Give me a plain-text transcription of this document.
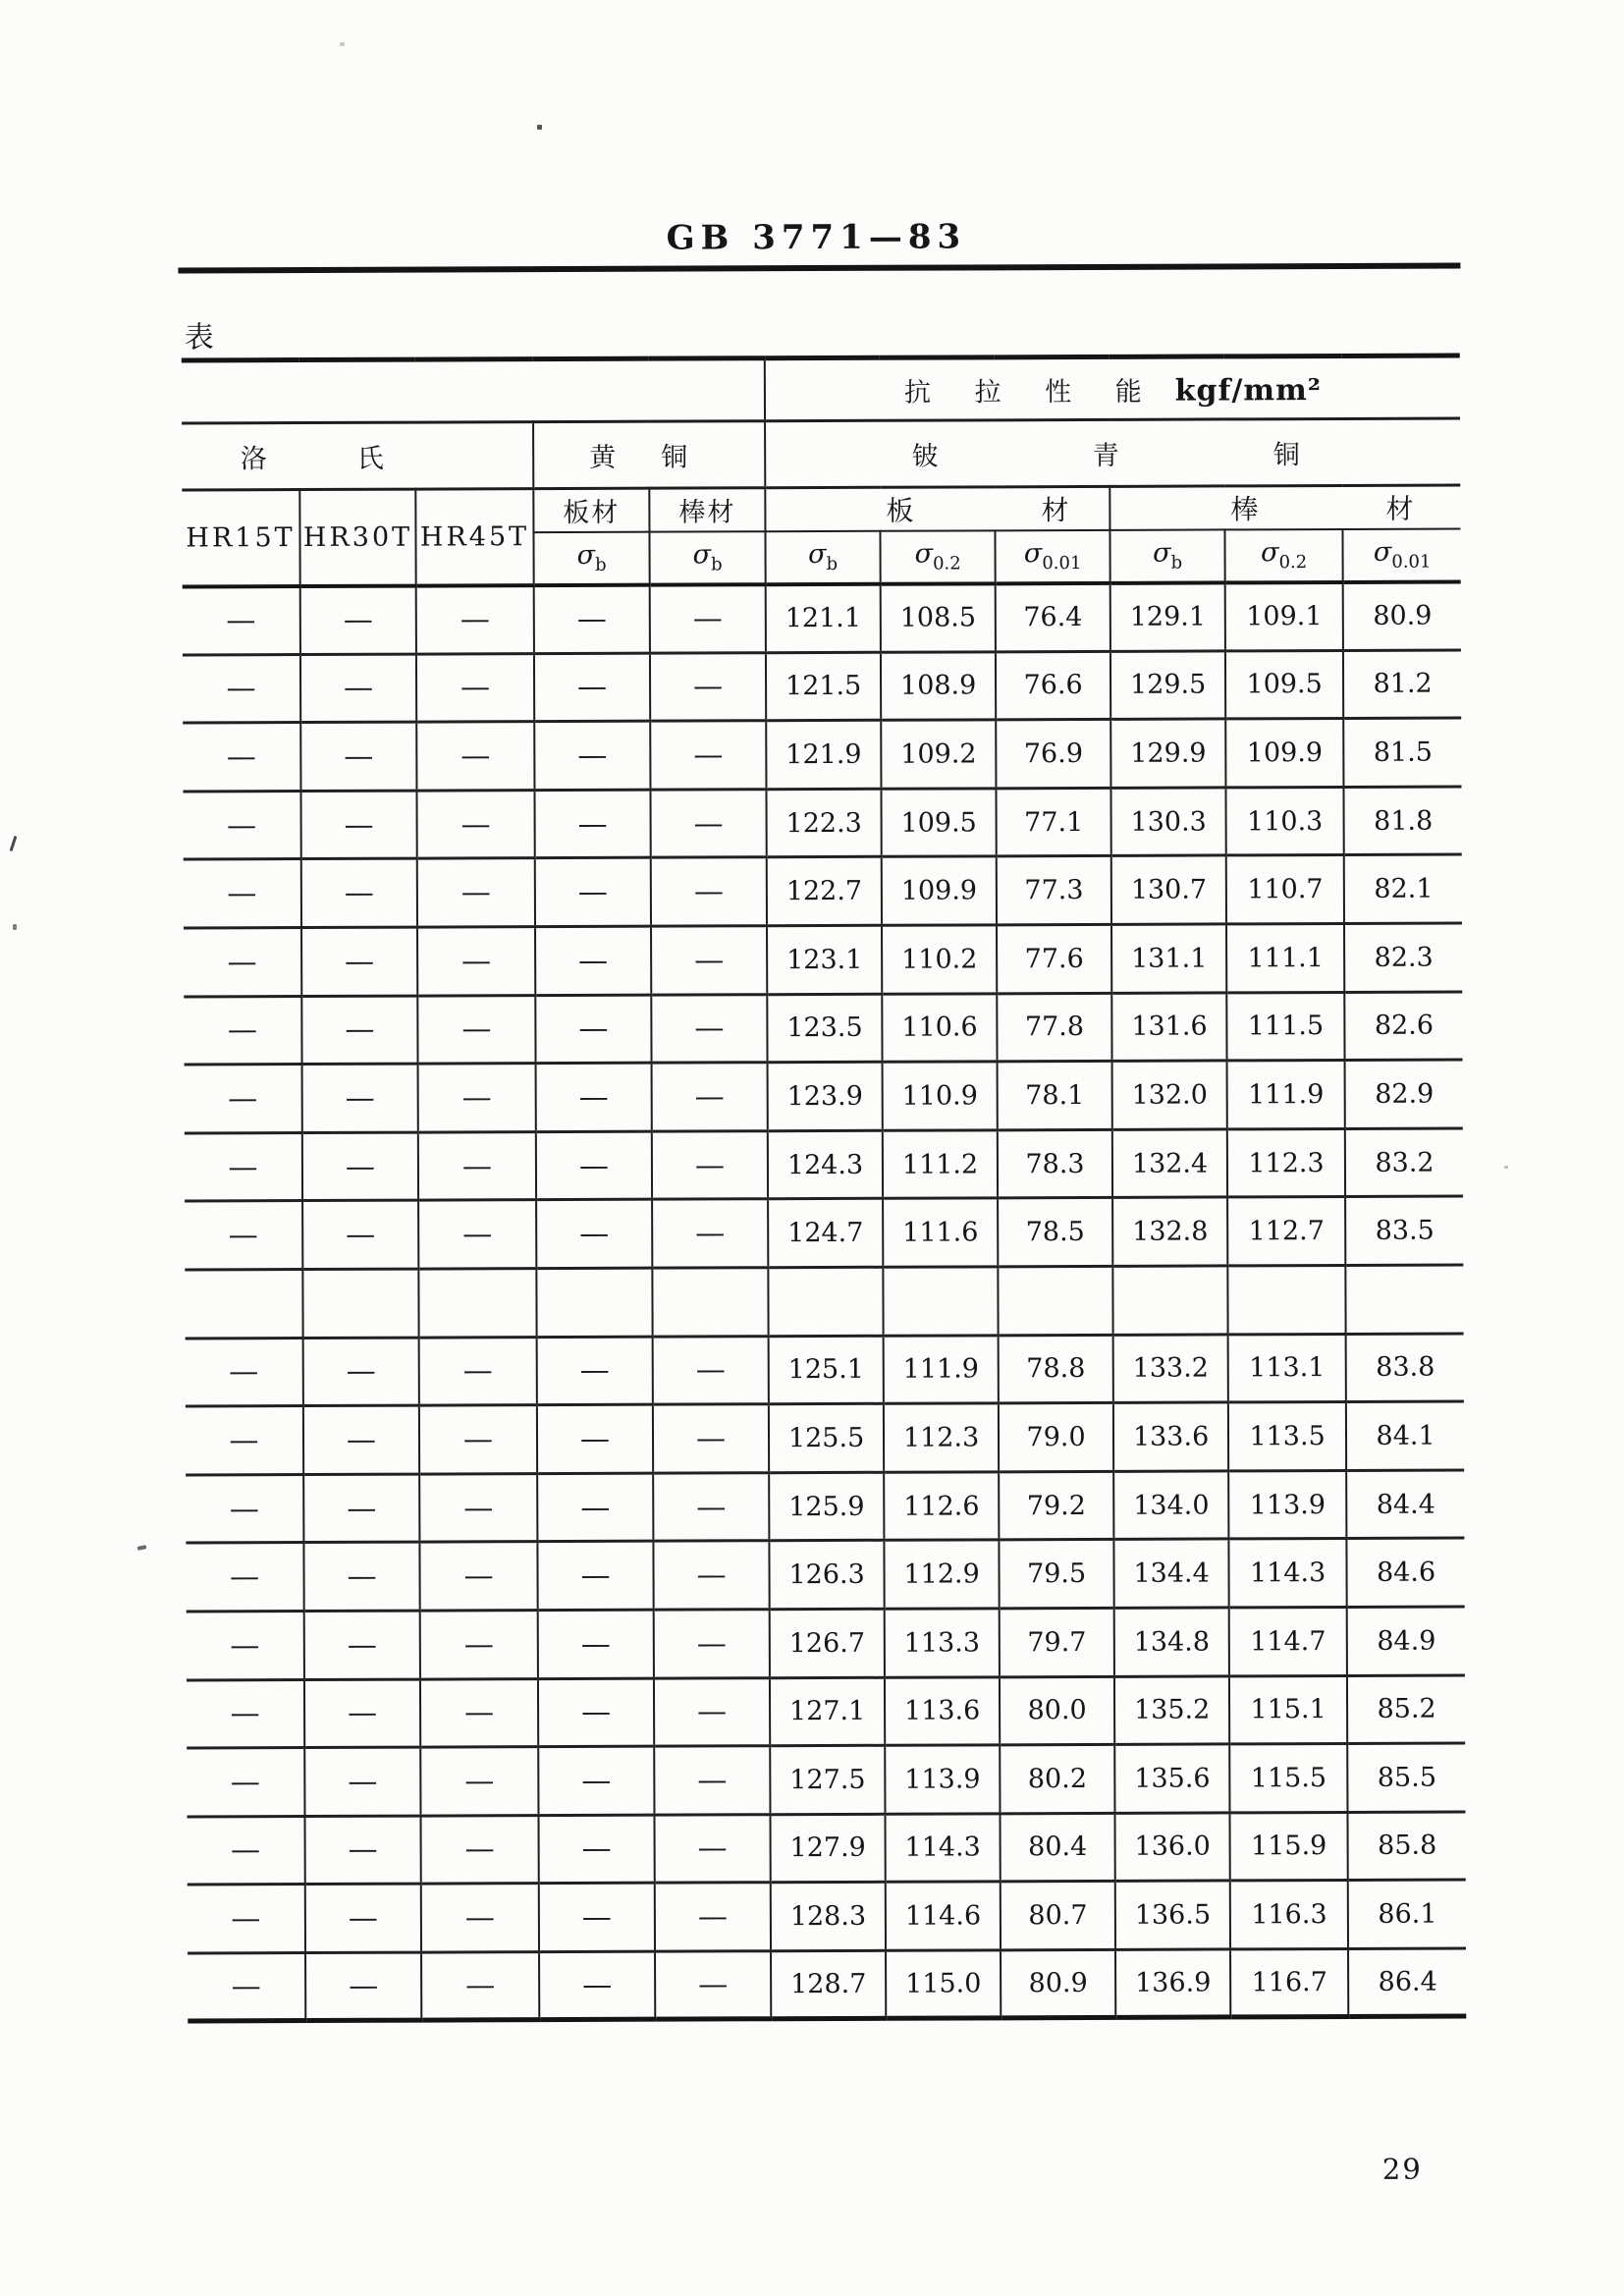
GB 3771—83
表
					抗 拉 性 能 kgf/mm²					
洛氏			黄铜		铍青铜					
HR15T	HR30T	HR45T	板材	棒材	板材			棒材		
			$\sigma_b$	$\sigma_b$	$\sigma_b$	$\sigma_{0.2}$	$\sigma_{0.01}$	$\sigma_b$	$\sigma_{0.2}$	$\sigma_{0.01}$
—	—	—	—	—	121.1	108.5	76.4	129.1	109.1	80.9
—	—	—	—	—	121.5	108.9	76.6	129.5	109.5	81.2
—	—	—	—	—	121.9	109.2	76.9	129.9	109.9	81.5
—	—	—	—	—	122.3	109.5	77.1	130.3	110.3	81.8
—	—	—	—	—	122.7	109.9	77.3	130.7	110.7	82.1
—	—	—	—	—	123.1	110.2	77.6	131.1	111.1	82.3
—	—	—	—	—	123.5	110.6	77.8	131.6	111.5	82.6
—	—	—	—	—	123.9	110.9	78.1	132.0	111.9	82.9
—	—	—	—	—	124.3	111.2	78.3	132.4	112.3	83.2
—	—	—	—	—	124.7	111.6	78.5	132.8	112.7	83.5

—	—	—	—	—	125.1	111.9	78.8	133.2	113.1	83.8
—	—	—	—	—	125.5	112.3	79.0	133.6	113.5	84.1
—	—	—	—	—	125.9	112.6	79.2	134.0	113.9	84.4
—	—	—	—	—	126.3	112.9	79.5	134.4	114.3	84.6
—	—	—	—	—	126.7	113.3	79.7	134.8	114.7	84.9
—	—	—	—	—	127.1	113.6	80.0	135.2	115.1	85.2
—	—	—	—	—	127.5	113.9	80.2	135.6	115.5	85.5
—	—	—	—	—	127.9	114.3	80.4	136.0	115.9	85.8
—	—	—	—	—	128.3	114.6	80.7	136.5	116.3	86.1
—	—	—	—	—	128.7	115.0	80.9	136.9	116.7	86.4
29
